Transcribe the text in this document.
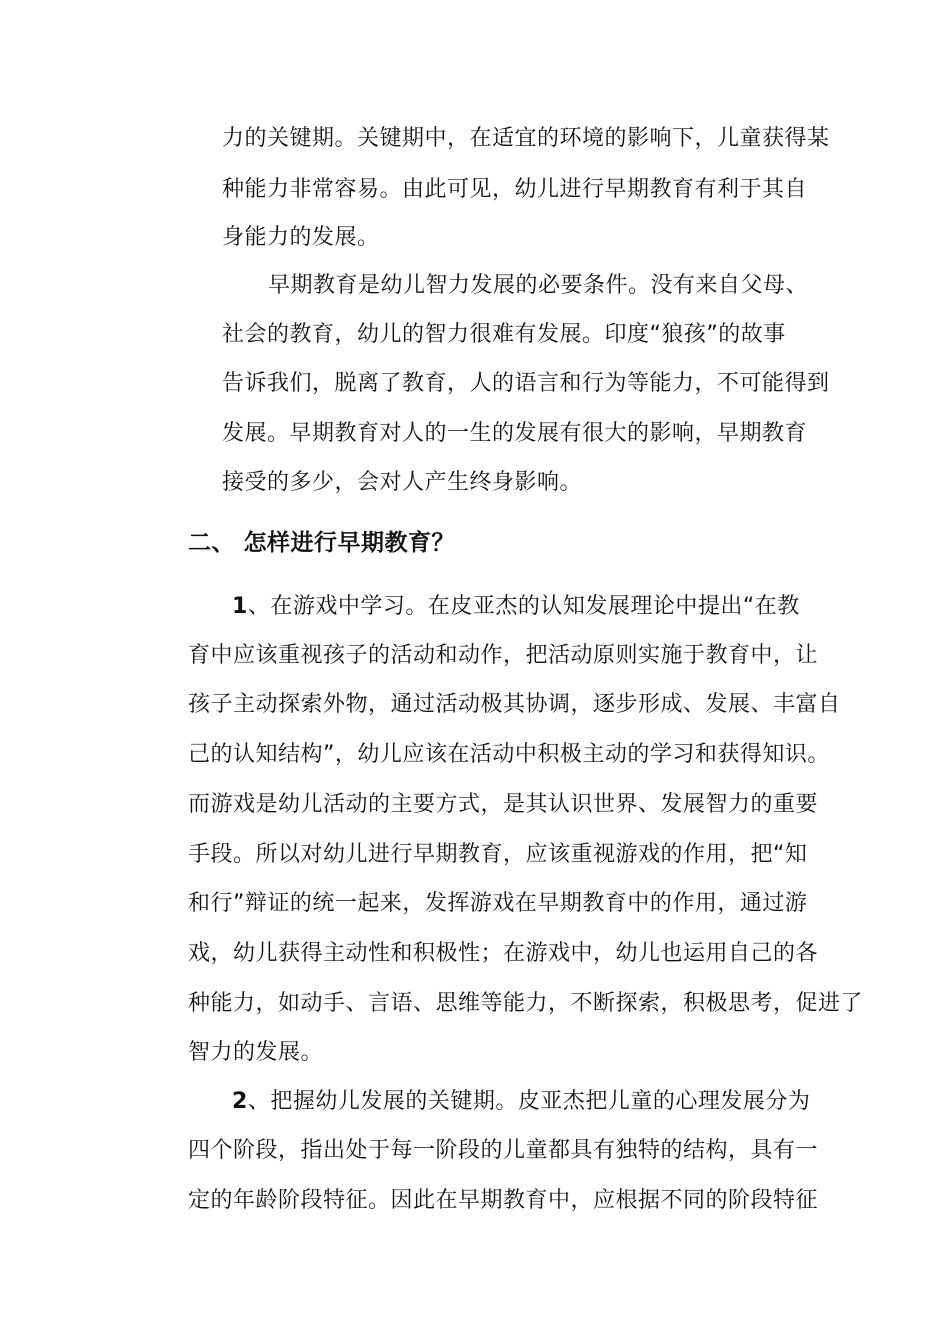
力的关键期。关键期中，在适宜的环境的影响下，儿童获得某
种能力非常容易。由此可见，幼儿进行早期教育有利于其自
身能力的发展。
早期教育是幼儿智力发展的必要条件。没有来自父母、
社会的教育，幼儿的智力很难有发展。印度“狼孩”的故事
告诉我们，脱离了教育，人的语言和行为等能力，不可能得到
发展。早期教育对人的一生的发展有很大的影响，早期教育
接受的多少，会对人产生终身影响。
二、 怎样进行早期教育？
1、在游戏中学习。在皮亚杰的认知发展理论中提出“在教
育中应该重视孩子的活动和动作，把活动原则实施于教育中，让
孩子主动探索外物，通过活动极其协调，逐步形成、发展、丰富自
己的认知结构”，幼儿应该在活动中积极主动的学习和获得知识。
而游戏是幼儿活动的主要方式，是其认识世界、发展智力的重要
手段。所以对幼儿进行早期教育，应该重视游戏的作用，把“知
和行”辩证的统一起来，发挥游戏在早期教育中的作用，通过游
戏，幼儿获得主动性和积极性；在游戏中，幼儿也运用自己的各
种能力，如动手、言语、思维等能力，不断探索，积极思考，促进了
智力的发展。
2、把握幼儿发展的关键期。皮亚杰把儿童的心理发展分为
四个阶段，指出处于每一阶段的儿童都具有独特的结构，具有一
定的年龄阶段特征。因此在早期教育中，应根据不同的阶段特征
